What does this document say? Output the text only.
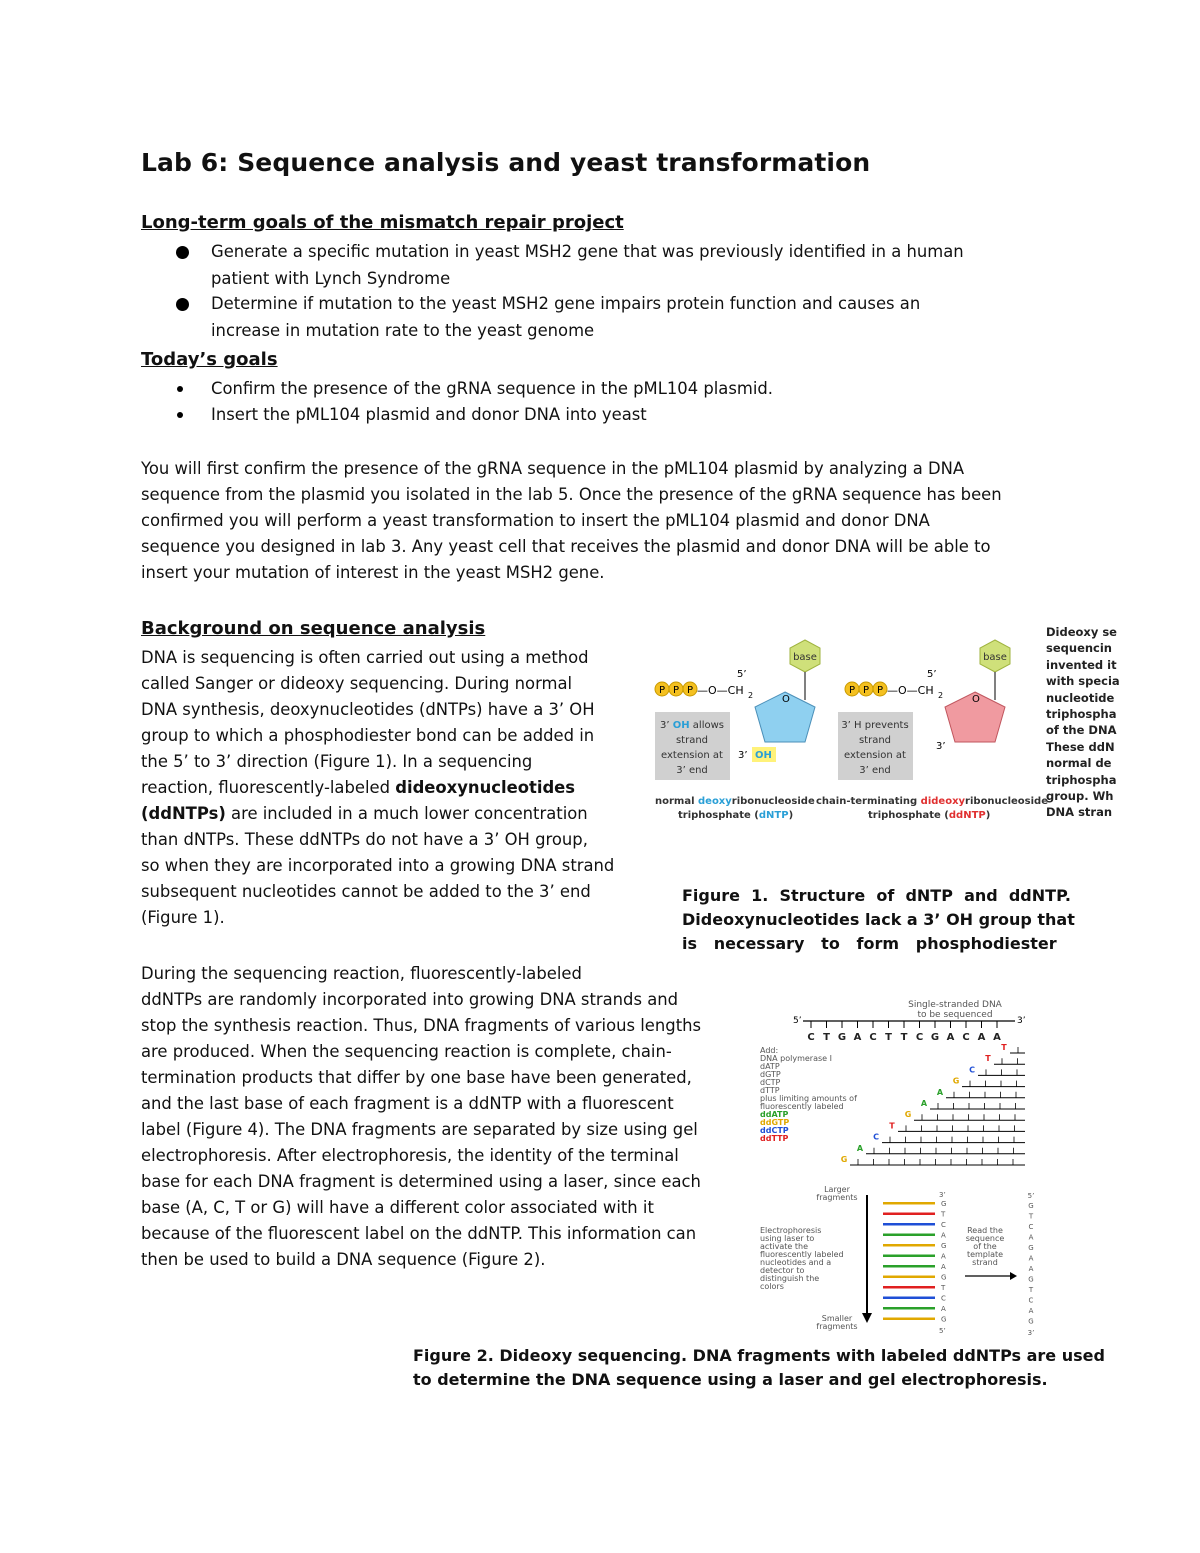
Lab 6: Sequence analysis and yeast transformation
Long-term goals of the mismatch repair project
Generate a specific mutation in yeast MSH2 gene that was previously identified in a human
patient with Lynch Syndrome
Determine if mutation to the yeast MSH2 gene impairs protein function and causes an
increase in mutation rate to the yeast genome
Today’s goals
Confirm the presence of the gRNA sequence in the pML104 plasmid.
Insert the pML104 plasmid and donor DNA into yeast
You will first confirm the presence of the gRNA sequence in the pML104 plasmid by analyzing a DNA
sequence from the plasmid you isolated in the lab 5. Once the presence of the gRNA sequence has been
confirmed you will perform a yeast transformation to insert the pML104 plasmid and donor DNA
sequence you designed in lab 3. Any yeast cell that receives the plasmid and donor DNA will be able to
insert your mutation of interest in the yeast MSH2 gene.
Background on sequence analysis
DNA is sequencing is often carried out using a method
called Sanger or dideoxy sequencing. During normal
DNA synthesis, deoxynucleotides (dNTPs) have a 3’ OH
group to which a phosphodiester bond can be added in
the 5’ to 3’ direction (Figure 1). In a sequencing
reaction, fluorescently-labeled dideoxynucleotides
(ddNTPs) are included in a much lower concentration
than dNTPs. These ddNTPs do not have a 3’ OH group,
so when they are incorporated into a growing DNA strand
subsequent nucleotides cannot be added to the 3’ end
(Figure 1).
During the sequencing reaction, fluorescently-labeled
ddNTPs are randomly incorporated into growing DNA strands and
stop the synthesis reaction. Thus, DNA fragments of various lengths
are produced. When the sequencing reaction is complete, chain-
termination products that differ by one base have been generated,
and the last base of each fragment is a ddNTP with a fluorescent
label (Figure 4). The DNA fragments are separated by size using gel
electrophoresis. After electrophoresis, the identity of the terminal
base for each DNA fragment is determined using a laser, since each
base (A, C, T or G) will have a different color associated with it
because of the fluorescent label on the ddNTP. This information can
then be used to build a DNA sequence (Figure 2).
base
P P P —O—CH 2
5’
O
3’ OH allows
strand
extension at
3’ end
3’ OH
normal deoxyribonucleoside
triphosphate (dNTP)
base
P P P —O—CH 2
5’
O
3’ H prevents
strand
extension at
3’ end
3’
chain-terminating dideoxyribonucleoside
triphosphate (ddNTP)
Dideoxy se
sequencin
invented it
with specia
nucleotide
triphospha
of the DNA
These ddN
normal de
triphospha
group. Wh
DNA stran
Figure  1.  Structure  of  dNTP  and  ddNTP.
Dideoxynucleotides lack a 3’ OH group that
is   necessary   to   form   phosphodiester
Single-stranded DNA
to be sequenced
5’	3’
C T G A C T T C G A C A A
Add:
DNA polymerase I
dATP
dGTP
dCTP
dTTP
plus limiting amounts of
fluorescently labeled
ddATP
ddGTP
ddCTP
ddTTP
T
T
C
G
A
A
G
T
C
A
G
Larger
fragments
Smaller
fragments
Electrophoresis
using laser to
activate the
fluorescently labeled
nucleotides and a
detector to
distinguish the
colors
G
T
C
A
G
A
A
G
T
C
A
G
3’
5’
Read the
sequence
of the
template
strand
G
T
C
A
G
A
A
G
T
C
A
G
5’
3’
Figure 2. Dideoxy sequencing. DNA fragments with labeled ddNTPs are used
to determine the DNA sequence using a laser and gel electrophoresis.
